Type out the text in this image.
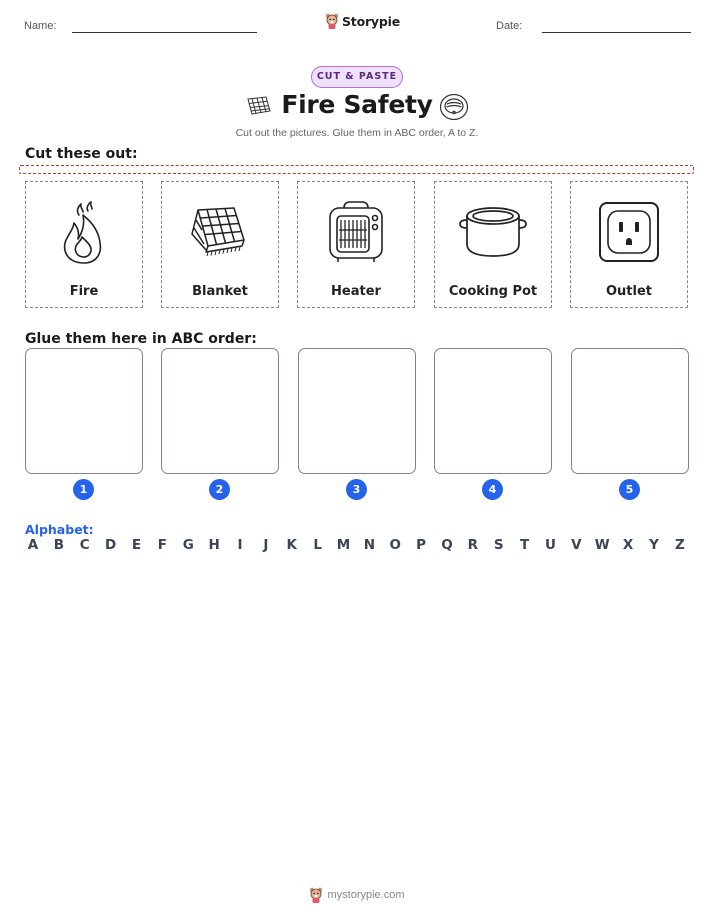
Name:	Storypie	Date:
CUT & PASTE
Fire Safety
Cut out the pictures. Glue them in ABC order, A to Z.
Cut these out:
Fire	Blanket	Heater	Cooking Pot	Outlet
Glue them here in ABC order:
1	2	3	4	5
Alphabet:
A B C D E F G H	I	J	K L M N O P Q R S T U V W X Y Z
mystorypie.com
